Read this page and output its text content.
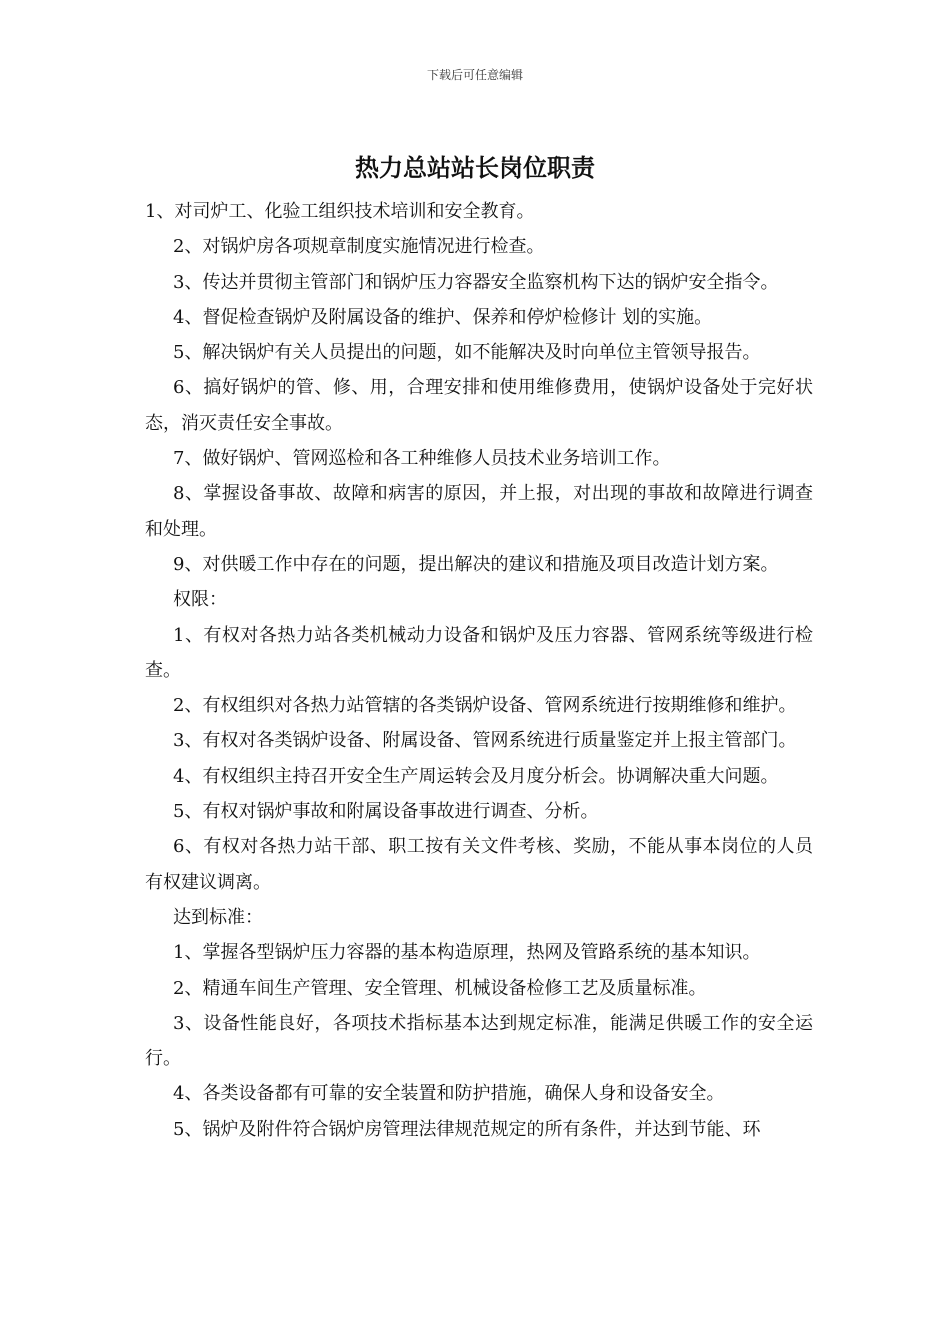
下载后可任意编辑
热力总站站长岗位职责

1、对司炉工、化验工组织技术培训和安全教育。

2、对锅炉房各项规章制度实施情况进行检查。

3、传达并贯彻主管部门和锅炉压力容器安全监察机构下达的锅炉安全指令。

4、督促检查锅炉及附属设备的维护、保养和停炉检修计 划的实施。

5、解决锅炉有关人员提出的问题，如不能解决及时向单位主管领导报告。

6、搞好锅炉的管、修、用，合理安排和使用维修费用，使锅炉设备处于完好状态，消灭责任安全事故。

7、做好锅炉、管网巡检和各工种维修人员技术业务培训工作。

8、掌握设备事故、故障和病害的原因，并上报，对出现的事故和故障进行调查和处理。

9、对供暖工作中存在的问题，提出解决的建议和措施及项目改造计划方案。

权限：

1、有权对各热力站各类机械动力设备和锅炉及压力容器、管网系统等级进行检查。

2、有权组织对各热力站管辖的各类锅炉设备、管网系统进行按期维修和维护。

3、有权对各类锅炉设备、附属设备、管网系统进行质量鉴定并上报主管部门。

4、有权组织主持召开安全生产周运转会及月度分析会。协调解决重大问题。

5、有权对锅炉事故和附属设备事故进行调查、分析。

6、有权对各热力站干部、职工按有关文件考核、奖励，不能从事本岗位的人员有权建议调离。

达到标准：

1、掌握各型锅炉压力容器的基本构造原理，热网及管路系统的基本知识。

2、精通车间生产管理、安全管理、机械设备检修工艺及质量标准。

3、设备性能良好，各项技术指标基本达到规定标准，能满足供暖工作的安全运行。

4、各类设备都有可靠的安全装置和防护措施，确保人身和设备安全。

5、锅炉及附件符合锅炉房管理法律规范规定的所有条件，并达到节能、环
